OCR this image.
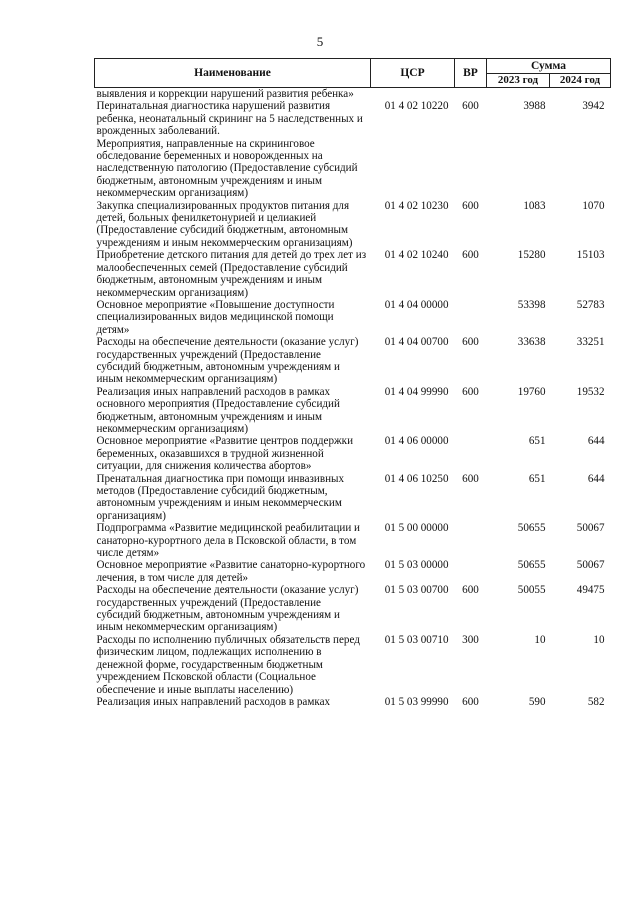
5
Наименование	ЦСР	ВР	Сумма	
			2023 год	2024 год
выявления и коррекции нарушений развития ребенка»				
Перинатальная диагностика нарушений развития ребенка, неонатальный скрининг на 5 наследственных и врожденных заболеваний.	01 4 02 10220	600	3988	3942
Мероприятия, направленные на скрининговое обследование беременных и новорожденных на наследственную патологию (Предоставление субсидий бюджетным, автономным учреждениям и иным некоммерческим организациям)				
Закупка специализированных продуктов питания для детей, больных фенилкетонурией и целиакией (Предоставление субсидий бюджетным, автономным учреждениям и иным некоммерческим организациям)	01 4 02 10230	600	1083	1070
Приобретение детского питания для детей до трех лет из малообеспеченных семей (Предоставление субсидий бюджетным, автономным учреждениям и иным некоммерческим организациям)	01 4 02 10240	600	15280	15103
Основное мероприятие «Повышение доступности специализированных видов медицинской помощи детям»	01 4 04 00000		53398	52783
Расходы на обеспечение деятельности (оказание услуг) государственных учреждений (Предоставление субсидий бюджетным, автономным учреждениям и иным некоммерческим организациям)	01 4 04 00700	600	33638	33251
Реализация иных направлений расходов в рамках основного мероприятия (Предоставление субсидий бюджетным, автономным учреждениям и иным некоммерческим организациям)	01 4 04 99990	600	19760	19532
Основное мероприятие «Развитие центров поддержки беременных, оказавшихся в трудной жизненной ситуации, для снижения количества абортов»	01 4 06 00000		651	644
Пренатальная диагностика при помощи инвазивных методов (Предоставление субсидий бюджетным, автономным учреждениям и иным некоммерческим организациям)	01 4 06 10250	600	651	644
Подпрограмма «Развитие медицинской реабилитации и санаторно-курортного дела в Псковской области, в том числе детям»	01 5 00 00000		50655	50067
Основное мероприятие «Развитие санаторно-курортного лечения, в том числе для детей»	01 5 03 00000		50655	50067
Расходы на обеспечение деятельности (оказание услуг) государственных учреждений (Предоставление субсидий бюджетным, автономным учреждениям и иным некоммерческим организациям)	01 5 03 00700	600	50055	49475
Расходы по исполнению публичных обязательств перед физическим лицом, подлежащих исполнению в денежной форме, государственным бюджетным учреждением Псковской области (Социальное обеспечение и иные выплаты населению)	01 5 03 00710	300	10	10
Реализация иных направлений расходов в рамках	01 5 03 99990	600	590	582
